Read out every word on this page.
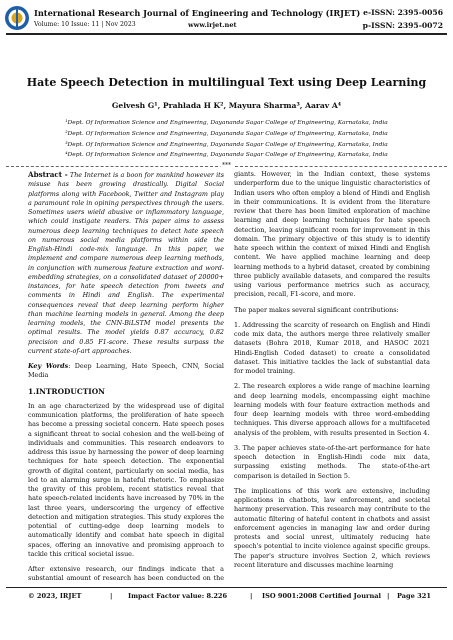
International Research Journal of Engineering and Technology (IRJET) e-ISSN: 2395-0056
Volume: 10 Issue: 11 | Nov 2023	www.irjet.net	p-ISSN: 2395-0072
Hate Speech Detection in multilingual Text using Deep Learning
Gelvesh G¹, Prahlada H K², Mayura Sharma³, Aarav A⁴
¹Dept. Of Information Science and Engineering, Dayananda Sagar College of Engineering, Karnataka, India
²Dept. Of Information Science and Engineering, Dayananda Sagar College of Engineering, Karnataka, India
³Dept. Of Information Science and Engineering, Dayananda Sagar College of Engineering, Karnataka, India
⁴Dept. Of Information Science and Engineering, Dayananda Sagar College of Engineering, Karnataka, India
***

Abstract - The Internet is a boon for mankind however its misuse has been growing drastically. Digital Social platforms along with Facebook, Twitter and Instagram play a paramount role in opining perspectives through the users. Sometimes users wield abusive or inflammatory language, which could instigate readers. This paper aims to assess numerous deep learning techniques to detect hate speech on numerous social media platforms within side the English-Hindi code-mix language. In this paper, we implement and compare numerous deep learning methods, in conjunction with numerous feature extraction and word-embedding strategies, on a consolidated dataset of 20000+ instances, for hate speech detection from tweets and comments in Hindi and English. The experimental consequences reveal that deep learning perform higher than machine learning models in general. Among the deep learning models, the CNN-BiLSTM model presents the optimal results. The model yields 0.87 accuracy, 0.82 precision and 0.85 F1-score. These results surpass the current state-of-art approaches.

Key Words: Deep Learning, Hate Speech, CNN, Social Media

1.INTRODUCTION

In an age characterized by the widespread use of digital communication platforms, the proliferation of hate speech has become a pressing societal concern. Hate speech poses a significant threat to social cohesion and the well-being of individuals and communities. This research endeavors to address this issue by harnessing the power of deep learning techniques for hate speech detection. The exponential growth of digital content, particularly on social media, has led to an alarming surge in hateful rhetoric. To emphasize the gravity of this problem, recent statistics reveal that hate speech-related incidents have increased by 70% in the last three years, underscoring the urgency of effective detection and mitigation strategies. This study explores the potential of cutting-edge deep learning models to automatically identify and combat hate speech in digital spaces, offering an innovative and promising approach to tackle this critical societal issue.

After extensive research, our findings indicate that a substantial amount of research has been conducted on the

giants. However, in the Indian context, these systems underperform due to the unique linguistic characteristics of Indian users who often employ a blend of Hindi and English in their communications. It is evident from the literature review that there has been limited exploration of machine learning and deep learning techniques for hate speech detection, leaving significant room for improvement in this domain. The primary objective of this study is to identify hate speech within the context of mixed Hindi and English content. We have applied machine learning and deep learning methods to a hybrid dataset, created by combining three publicly available datasets, and compared the results using various performance metrics such as accuracy, precision, recall, F1-score, and more.

The paper makes several significant contributions:

1. Addressing the scarcity of research on English and Hindi code mix data, the authors merge three relatively smaller datasets (Bohra 2018, Kumar 2018, and HASOC 2021 Hindi-English Coded dataset) to create a consolidated dataset. This initiative tackles the lack of substantial data for model training.

2. The research explores a wide range of machine learning and deep learning models, encompassing eight machine learning models with four feature extraction methods and four deep learning models with three word-embedding techniques. This diverse approach allows for a multifaceted analysis of the problem, with results presented in Section 4.

3. The paper achieves state-of-the-art performance for hate speech detection in English-Hindi code mix data, surpassing existing methods. The state-of-the-art comparison is detailed in Section 5.

The implications of this work are extensive, including applications in chatbots, law enforcement, and societal harmony preservation. This research may contribute to the automatic filtering of hateful content in chatbots and assist enforcement agencies in managing law and order during protests and social unrest, ultimately reducing hate speech's potential to incite violence against specific groups. The paper's structure involves Section 2, which reviews recent literature and discusses machine learning

© 2023, IRJET	| Impact Factor value: 8.226	| ISO 9001:2008 Certified Journal | Page 321
